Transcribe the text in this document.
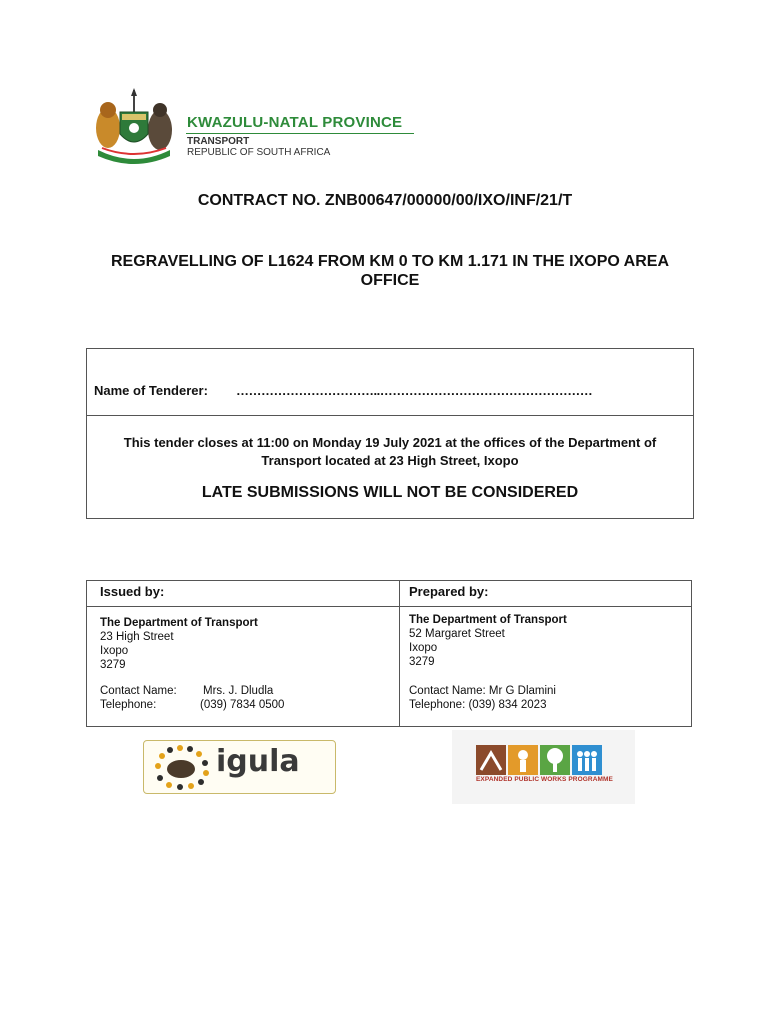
KWAZULU-NATAL PROVINCE
TRANSPORT
REPUBLIC OF SOUTH AFRICA
CONTRACT NO. ZNB00647/00000/00/IXO/INF/21/T
REGRAVELLING OF L1624 FROM KM 0 TO KM 1.171 IN THE IXOPO AREA OFFICE
Name of Tenderer: ……………………………..……………………………………………
This tender closes at 11:00 on Monday 19 July 2021 at the offices of the Department of Transport located at 23 High Street, Ixopo
LATE SUBMISSIONS WILL NOT BE CONSIDERED
Issued by:	Prepared by:
The Department of Transport
23 High Street
Ixopo
3279
Contact Name: Mrs. J. Dludla
Telephone:	(039) 7834 0500
The Department of Transport
52 Margaret Street
Ixopo
3279
Contact Name: Mr G Dlamini
Telephone: (039) 834 2023
igula
EXPANDED PUBLIC WORKS PROGRAMME
